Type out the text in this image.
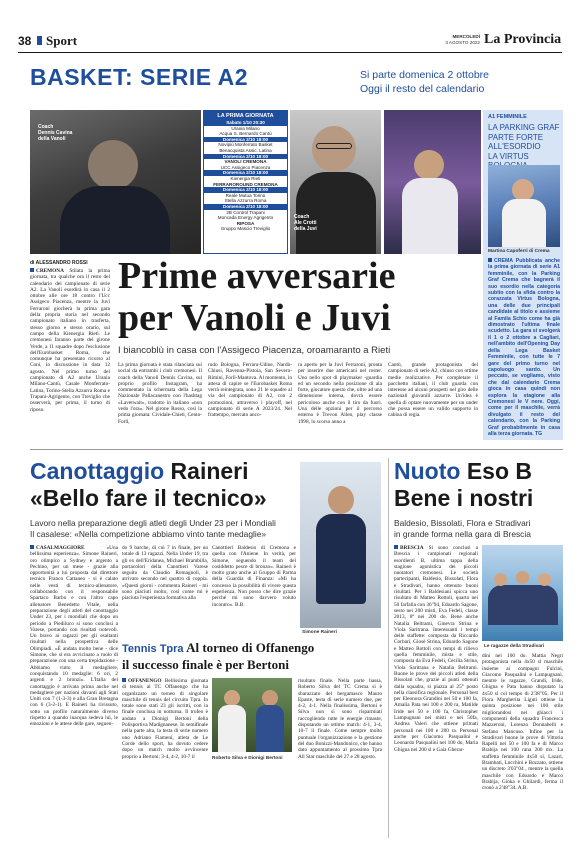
38 Sport	MERCOLEDÌ
3 AGOSTO 2022 La Provincia
BASKET: SERIE A2	Si parte domenica 2 ottobre
Oggi il resto del calendario
Coach
Dennis Cavina
della Vanoli
LA PRIMA GIORNATA
Sabato 1/10 20:30
Urania Milano
Acqua S. Bernardo Cantù
Domenica 2/10 18:00
Novipiù Monferrato Basket
Benacquista Assic. Latina
Domenica 2/10 18:00
VANOLI CREMONA
UCC Assigeco Piacenza
Domenica 2/10 18:00
Kienergia Rieti
FERRAROROUND CREMONA
Domenica 2/10 18:00
Reale Mutua Torino
Stella Azzurra Roma
Domenica 2/10 18:00
2B Control Trapani
Moncada Energy Agrigento
RIPOSA
Gruppo Mascio Treviglio
Coach
Ale Crotti
della Juvi
A1 FEMMINILE
LA PARKING GRAF
PARTE FORTE
ALL'ESORDIO
LA VIRTUS
Martina Capoferri di Crema
CREMA Pubblicata anche la prima giornata di serie A1 femminile, con la Parking Graf Crema che bagnerà il suo esordio nella categoria subito con la sfida contro la corazzata Virtus Bologna, una delle due principali candidate al titolo e assieme al Famila Schio come ha già dimostrato l'ultima finale scudetto. La gara si svolgerà il 1 o 2 ottobre a Cagliari, nell'ambito dell'Opening Day della Lega Basket Femminile, con tutte le 7 gare del primo turno nel capoluogo sardo. Un peccato, se vogliamo, visto che dal calendario Crema gioca in casa quindi non esplora la stagione alla Cremonesi le V nere. Oggi, come per il maschile, verrà divulgato il resto del calendario, con la Parking Graf probabilmente in casa alla terza giornata. TG
di ALESSANDRO ROSSI
CREMONA Stilata la prima giornata, tra qualche ora il resto del calendario del campionato di serie A2. La Vanoli esordirà in casa il 2 ottobre alle ore 18 contro l'Ucc Assigeco Piacenza, mentre la Juvi Ferraroni giocherà la prima gara della propria storia nel secondo campionato italiano in trasferta, stesso giorno e stesso orario, sul campo della Kienergia Rieti. Le cremonesi faranno parte del girone Verde, a 11 squadre dopo l'esclusione dell'Eurobasket Roma, che comunque ha presentato ricorso al Coni, in discussione in data 12 agosto. Nel primo turno del campionato di A2 anche Urania Milano-Cantù, Casale Monferrato-Latina, Torino-Stella Azzurra Roma e Trapani-Agrigento, con Treviglio che osserverà, per prima, il turno di riposo.
Prime avversarie
per Vanoli e Juvi
I biancoblù in casa con l'Assigeco Piacenza, oroamaranto a Rieti
La prima giornata è stata rilanciata sui social da entrambi i club cremonesi. Il coach della Vanoli Dennis Cavina, sul proprio profilo Instagram, ha commentato la schermata della Lega Nazionale Pallacanestro con l'hashtag «Lavetwait», tradotto in italiano «non vedo l'ora». Nel girone Rosso, così la prima giornata: Cividale-Chieti, Cento-Forlì,
rudo Bologna, Ferrara-Udine, Nardò-Chiusi, Ravenna-Pistoia, San Severo-Rimini, Forlì-Mantova. Al momento, in attesa di capire se l'Eurobasket Roma verrà reintegrata, sono 21 le squadre al via del campionato di A2, con 2 promozioni, attraverso i playoff, nel campionato di serie A 2023/24. Nel frattempo, mercato anco-
ra aperto per la Juvi Ferraroni, pronta per inserire due americani nel roster. Uno nello spot di playmaker -guardia ed un secondo nella posizione di ala forte, giocatore questo che, oltre ad una dimensione interna, dovrà essere pericoloso anche con il tiro da fuori. Una delle opzioni per il percorso esterno è Trevon Allen, play classe 1998, lo scorso anno a
Cantù, grande protagonista del campionato di serie A2, chiuso con ottime medie realizzative. Per completare il pacchetto italiani, il club guarda con interesse ad alcuni prospetti nel giro delle nazionali giovanili azzurre. Un'idea è quella di optare nuovamente per un under che possa essere un valido supporto in cabina di regia.
Canottaggio Raineri
«Bello fare il tecnico»
Lavoro nella preparazione degli atleti degli Under 23 per i Mondiali
Il casalese: «Nella competizione abbiamo vinto tante medaglie»
CASALMAGGIORE «Una bellissima esperienza». Simone Raineri, oro olimpico a Sydney e argento a Pechino, per un mese - grazie alla opportunità a lui proposta dal direttore tecnico Franco Cattaneo - si è calato nelle vesti di tecnico-allenatore, collaborando con il responsabile Spartaco Barbo e con l'altro capo allenatore Benedetto Vitale, nella preparazione degli atleti del canottaggio Under 23, per i mondiali che dopo un periodo a Piediluco si sono conclusi a Varese, portando con risultati notevoli. Un bravo ai ragazzi per gli esaltanti risultati nella prospettiva delle Olimpiadi. «È andata molto bene - dice Simone, che si era avvicinato a ruolo di preparazione con una certa trepidazione - Abbiamo vinto il medagliere, conquistando 10 medaglie: 6 ori, 2 argenti e 2 bronzi». L'Italia del canottaggio è arrivata prima anche nel medagliere per nazioni davanti agli Stati Uniti con 7 (1-3-3) e alla Gran Bretagna con 6 (3-2-1). E Raineri ha rivissuto, sotto un profilo naturalmente diverso rispetto a quando inacqua sedeva lui, le emozioni e le attese delle gare, seguen-
do 9 barche, di cui 7 in finale, per un totale di 13 ragazzi. Nella Under 19, tra gli ex dell'Eridanea, Michael Brambilla, portacolori della Canottieri Varese seguito da Claudio Romagnoli, è arrivato secondo nel quattro di coppia. «Questi giorni - commenta Raineri - mi sono piaciuti molto, così come mi è piaciuta l'esperienza formativa alla
Canottieri Baldesio di Cremona e quella con l'Aniene. In verità, per Simone, seguendo il team del cosiddetto pesce di bronzo». Raineri è molto grato anche al Gruppo di Parma della Guardia di Finanza: «Mi ha concesso la possibilità di vivere questa esperienza. Non posso che dire grazie perché mi sono davvero voluto incontro». B.B.
Simone Raineri
Tennis Tpra Al torneo di Offanengo
il successo finale è per Bertoni
OFFANENGO Bellissima giornata di tennis al TC Offanengo che ha organizzato un torneo di singolare maschile di tennis del circuito Tpra. In totale sono stati 23 gli iscritti, con la finale conclusa in notturna. Il trofeo è andato a Dionigi Bertoni della Polisportiva Madignanese. In semifinale nella parte alta, la testa di serie numero uno Adriano Fiamenì, atleta de Le Corde dello sport, ha dovuto cedere dopo un match molto avvincente proprio a Bertoni: 3-4, 4-2, 10-7 il	Roberto Silva e Dionigi Bertoni
risultato finale. Nella parte bassa, Roberto Silva del TC Crema si è sbarazzato del bergamasco Mauro Epaste, testa di serie numero due, per 4-2, 4-1. Nella finalissima, Bertoni e Silva non si sono risparmiati raccogliendo tutte le energie rimaste, disputando un ottimo match: 4-1, 3-4, 10-7 il finale. Come sempre molto puntuale l'organizzazione e la gestione del duo Bonizzi-Mandonico, che hanno dato appuntamento al prossimo Tpra All Star maschile del 27 e 28 agosto.
Nuoto Eso B
Bene i nostri
Baldesio, Bissolati, Flora e Stradivari
in grande forma nella gara di Brescia
BRESCIA Si sono conclusi a Brescia i campionati regionali esordienti B, ultima tappa della stagione agonistica dei piccoli nuotatori cremonesi. Le società partecipanti, Baldesio, Bissolati, Flora e Stradivari, hanno ottenuto buoni risultati. Per i Baldesiani spicca uno risultato di Matteo Rottoli, quarto nei 50 farfalla con 36"94, Edoardo Sagone, sesto nei 200 misti, Eva Fedeli, classe 2013, 8ª nei 200 do. Bene anche Natalia Beltrami, Ginevra Strina e Viola Saritrana. Interessanti i tempi delle staffette: composta da Riccardo Corbari, Giosè Strina, Edoardo Sagone e Matteo Rottoli con tempi di rilievo quella femminile, mista e stile, composta da Eva Fedeli, Cecilia Strina, Viola Saritrana e Natalia Beltrami. Buone le prove dei piccoli atleti della Bissolati che, grazie ai punti ottenuti dalla squadra, si piazza al 25° posto nella classifica regionale. Personal best per Eleonora Grandini nei 50 e 100 fa, Amalia Pata nei 100 e 200 ra, Matilde Iride nei 50 e 100 fa, Christopher Lampugnani nei misti e nei 50fa, Andrea Valeri che ottiene primati personali nei 100 e 200 ra. Personal anche per Giacomo Pasqualini e Leonardo Pasqualini nei 100 do, Maria Ghigna nei 200 sl e Gaia Gherar-
Le ragazze della Stradivari
dini nei 100 do. Mattia Negri protagonista nella 4x50 sl maschile insieme ai compagni Fulcini, Giacomo Pasqualini e Lampugnani, mentre le ragazze, Grandi, Iride, Ghigna e Pata hanno disputato la 4x50 sl col tempo di 2'38"05. Per il Flora Margherita Liguti ottiene la quinta posizione nei 100 stile migliorandosi nei ghiacci i componenti della squadra Francesca Mazzeroni, Lorenzo Donnabelli e Stefano Mancuso. Infine per la Stradivari buone le prove di Vittoria Rapelli nei 50 e 100 fa e di Marco Brabija nei 100 rana 200 mx. La staffetta femminile 4x50 sl, Lazari, Brambati, Lucchini e Bozzato, ottiene un discreto 3'03"04 , mentre la quella maschile con Edoardo e Marco Brabija, Gioka e Ghilardi, ferma il cronò a 2'48"34. A.B.
